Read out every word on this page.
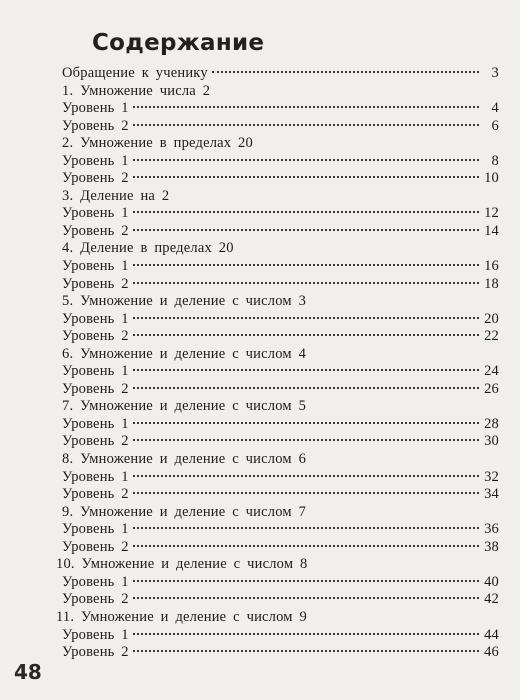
Содержание
Обращение к ученику	3
1. Умножение числа 2
Уровень 1	4
Уровень 2	6
2. Умножение в пределах 20
Уровень 1	8
Уровень 2	10
3. Деление на 2
Уровень 1	12
Уровень 2	14
4. Деление в пределах 20
Уровень 1	16
Уровень 2	18
5. Умножение и деление с числом 3
Уровень 1	20
Уровень 2	22
6. Умножение и деление с числом 4
Уровень 1	24
Уровень 2	26
7. Умножение и деление с числом 5
Уровень 1	28
Уровень 2	30
8. Умножение и деление с числом 6
Уровень 1	32
Уровень 2	34
9. Умножение и деление с числом 7
Уровень 1	36
Уровень 2	38
10. Умножение и деление с числом 8
Уровень 1	40
Уровень 2	42
11. Умножение и деление с числом 9
Уровень 1	44
Уровень 2	46
48
